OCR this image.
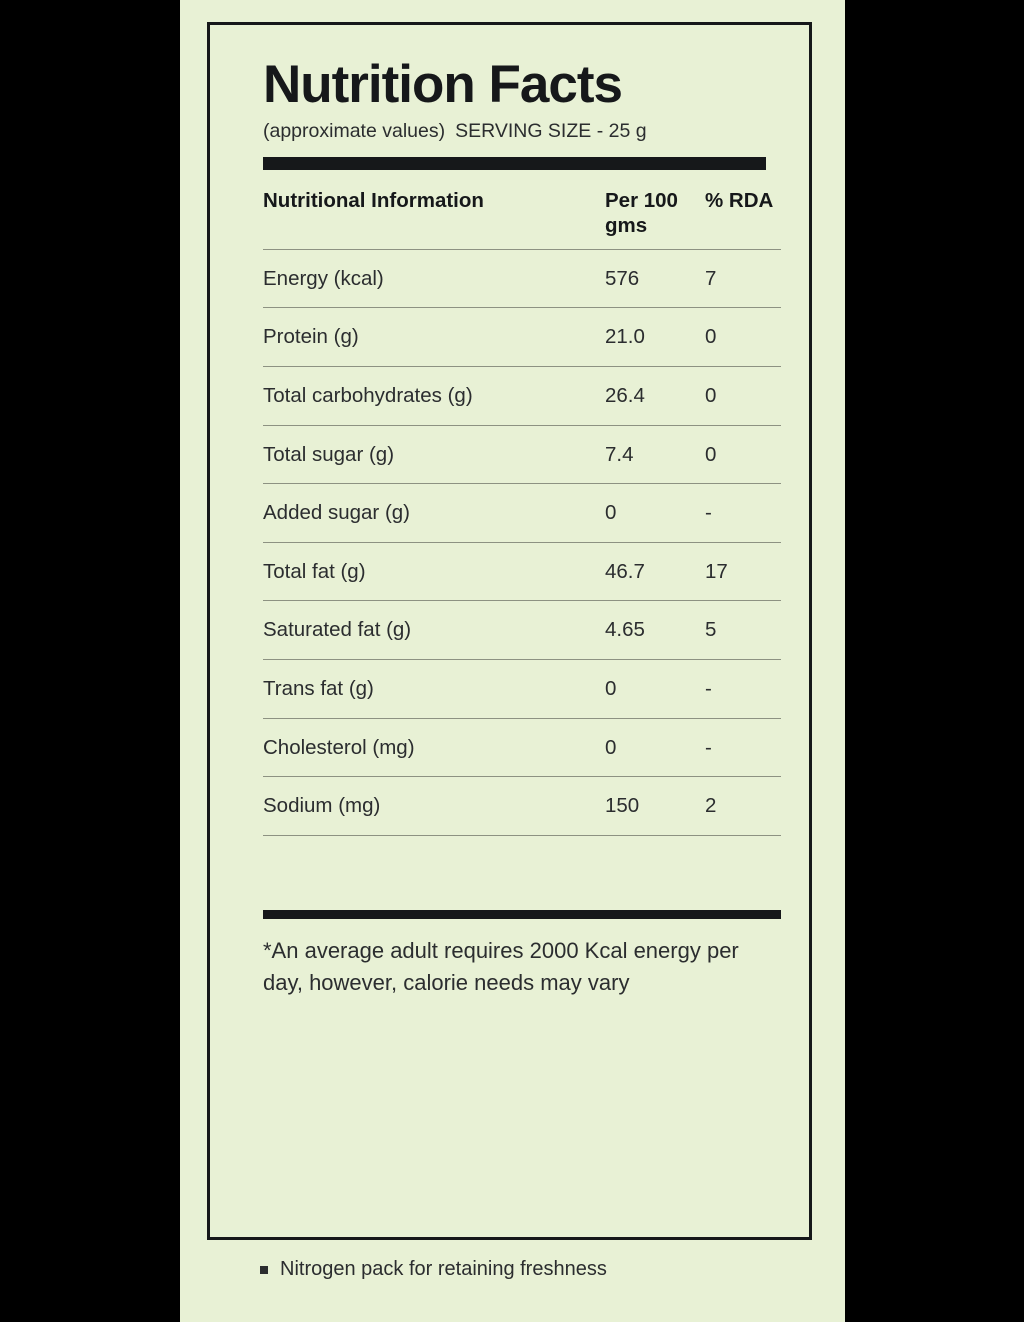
Nutrition Facts
(approximate values) SERVING SIZE - 25 g
Nutritional Information	Per 100 gms	% RDA
Energy (kcal)	576	7
Protein (g)	21.0	0
Total carbohydrates (g)	26.4	0
Total sugar (g)	7.4	0
Added sugar (g)	0	-
Total fat (g)	46.7	17
Saturated fat (g)	4.65	5
Trans fat (g)	0	-
Cholesterol (mg)	0	-
Sodium (mg)	150	2
*An average adult requires 2000 Kcal energy per day, however, calorie needs may vary
Nitrogen pack for retaining freshness
